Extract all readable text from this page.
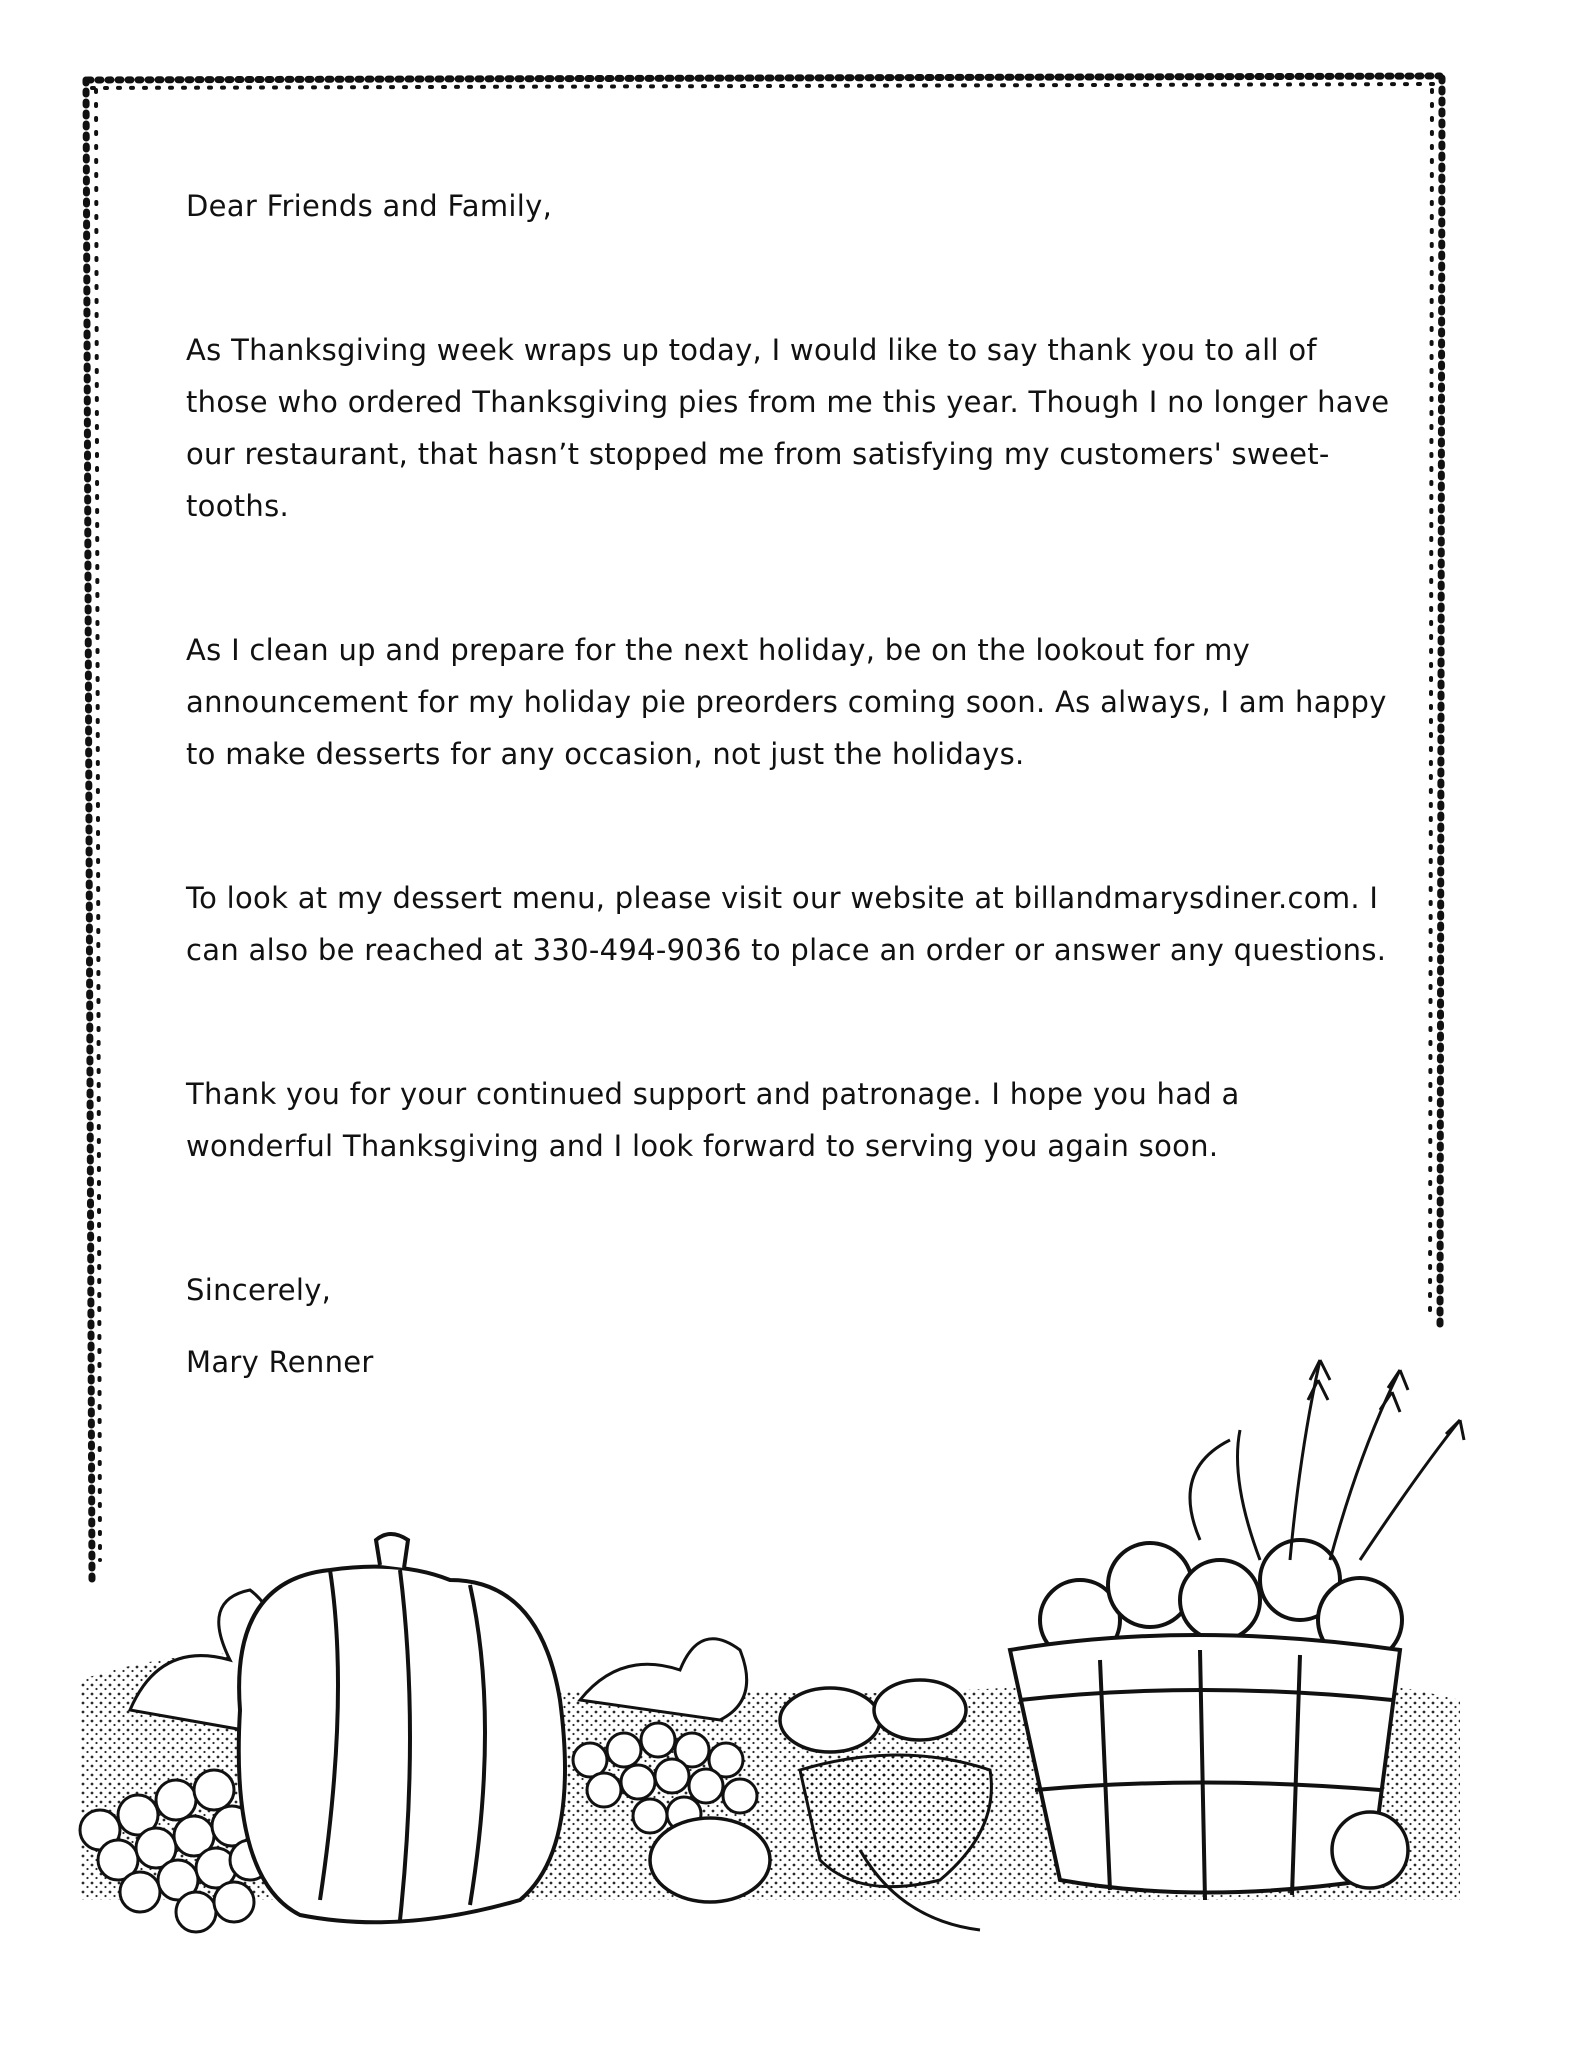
Dear Friends and Family,

As Thanksgiving week wraps up today, I would like to say thank you to all of those who ordered Thanksgiving pies from me this year. Though I no longer have our restaurant, that hasn’t stopped me from satisfying my customers' sweet-tooths.

As I clean up and prepare for the next holiday, be on the lookout for my announcement for my holiday pie preorders coming soon. As always, I am happy to make desserts for any occasion, not just the holidays.

To look at my dessert menu, please visit our website at billandmarysdiner.com. I can also be reached at 330-494-9036 to place an order or answer any questions.

Thank you for your continued support and patronage. I hope you had a wonderful Thanksgiving and I look forward to serving you again soon.

Sincerely,

Mary Renner
